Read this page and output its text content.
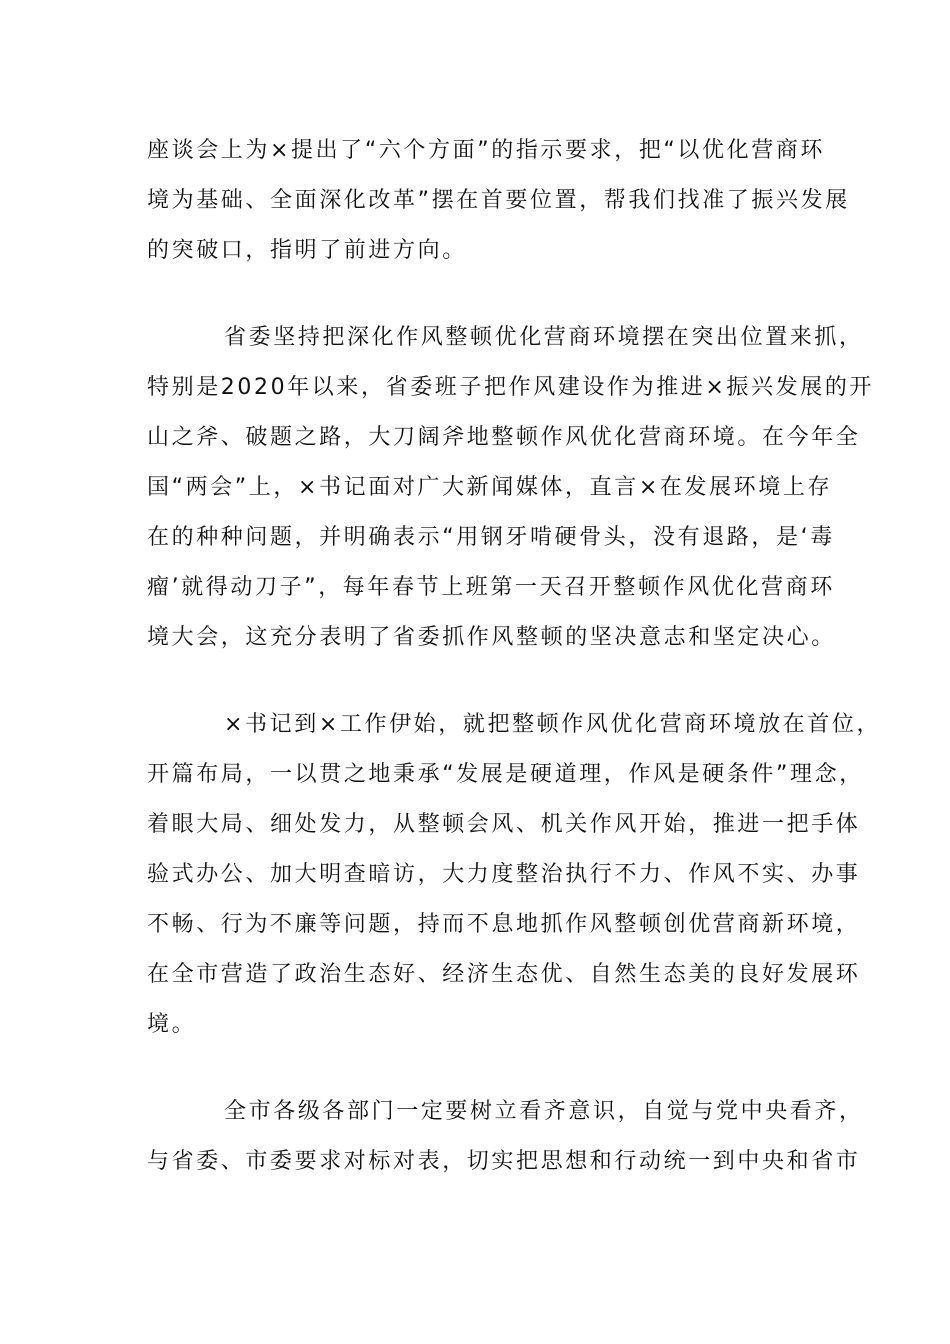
座谈会上为×提出了“六个方面”的指示要求，把“以优化营商环
境为基础、全面深化改革”摆在首要位置，帮我们找准了振兴发展
的突破口，指明了前进方向。
省委坚持把深化作风整顿优化营商环境摆在突出位置来抓，
特别是2020年以来，省委班子把作风建设作为推进×振兴发展的开
山之斧、破题之路，大刀阔斧地整顿作风优化营商环境。在今年全
国“两会”上，×书记面对广大新闻媒体，直言×在发展环境上存
在的种种问题，并明确表示“用钢牙啃硬骨头，没有退路，是‘毒
瘤’就得动刀子”，每年春节上班第一天召开整顿作风优化营商环
境大会，这充分表明了省委抓作风整顿的坚决意志和坚定决心。
×书记到×工作伊始，就把整顿作风优化营商环境放在首位，
开篇布局，一以贯之地秉承“发展是硬道理，作风是硬条件”理念，
着眼大局、细处发力，从整顿会风、机关作风开始，推进一把手体
验式办公、加大明查暗访，大力度整治执行不力、作风不实、办事
不畅、行为不廉等问题，持而不息地抓作风整顿创优营商新环境，
在全市营造了政治生态好、经济生态优、自然生态美的良好发展环
境。
全市各级各部门一定要树立看齐意识，自觉与党中央看齐，
与省委、市委要求对标对表，切实把思想和行动统一到中央和省市
